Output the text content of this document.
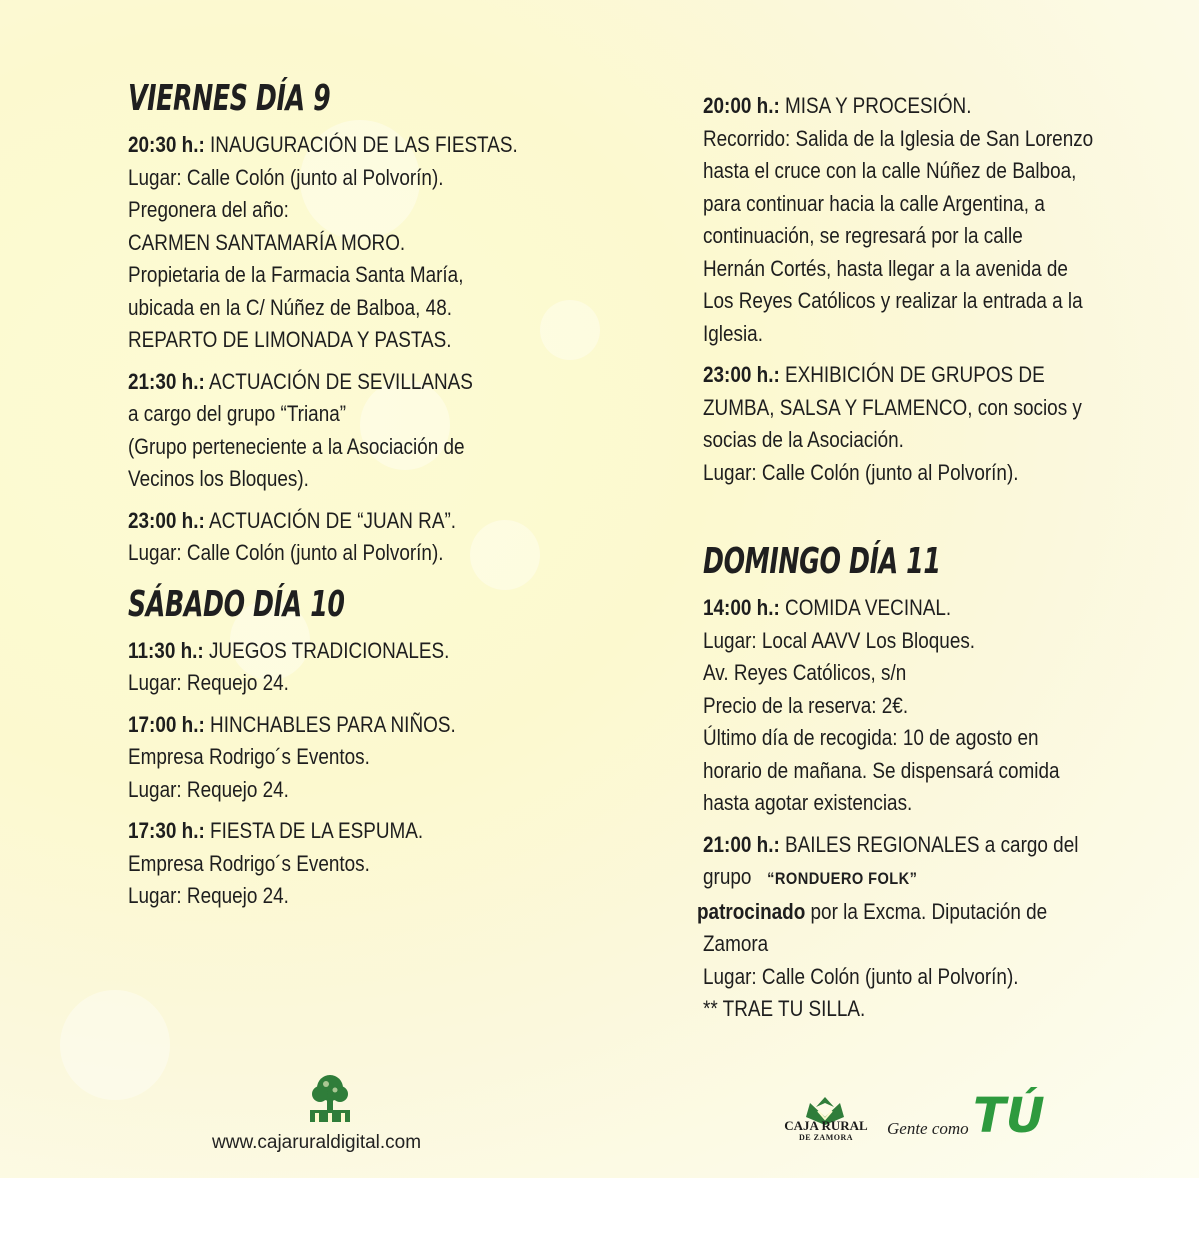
VIERNES DÍA 9
20:30 h.: INAUGURACIÓN DE LAS FIESTAS.
Lugar: Calle Colón (junto al Polvorín).
Pregonera del año:
CARMEN SANTAMARÍA MORO.
Propietaria de la Farmacia Santa María,
ubicada en la C/ Núñez de Balboa, 48.
REPARTO DE LIMONADA Y PASTAS.
21:30 h.: ACTUACIÓN DE SEVILLANAS
a cargo del grupo “Triana”
(Grupo perteneciente a la Asociación de
Vecinos los Bloques).
23:00 h.: ACTUACIÓN DE “JUAN RA”.
Lugar: Calle Colón (junto al Polvorín).
SÁBADO DÍA 10
11:30 h.: JUEGOS TRADICIONALES.
Lugar: Requejo 24.
17:00 h.: HINCHABLES PARA NIÑOS.
Empresa Rodrigo´s Eventos.
Lugar: Requejo 24.
17:30 h.: FIESTA DE LA ESPUMA.
Empresa Rodrigo´s Eventos.
Lugar: Requejo 24.
20:00 h.: MISA Y PROCESIÓN.
Recorrido: Salida de la Iglesia de San Lorenzo
hasta el cruce con la calle Núñez de Balboa,
para continuar hacia la calle Argentina, a
continuación, se regresará por la calle
Hernán Cortés, hasta llegar a la avenida de
Los Reyes Católicos y realizar la entrada a la
Iglesia.
23:00 h.: EXHIBICIÓN DE GRUPOS DE
ZUMBA, SALSA Y FLAMENCO, con socios y
socias de la Asociación.
Lugar: Calle Colón (junto al Polvorín).
DOMINGO DÍA 11
14:00 h.: COMIDA VECINAL.
Lugar: Local AAVV Los Bloques.
Av. Reyes Católicos, s/n
Precio de la reserva: 2€.
Último día de recogida: 10 de agosto en
horario de mañana. Se dispensará comida
hasta agotar existencias.
21:00 h.: BAILES REGIONALES a cargo del
grupo “RONDUERO FOLK”
patrocinado por la Excma. Diputación de
Zamora
Lugar: Calle Colón (junto al Polvorín).
** TRAE TU SILLA.
www.cajaruraldigital.com
CAJA RURAL
DE ZAMORA	Gente como TÚ
